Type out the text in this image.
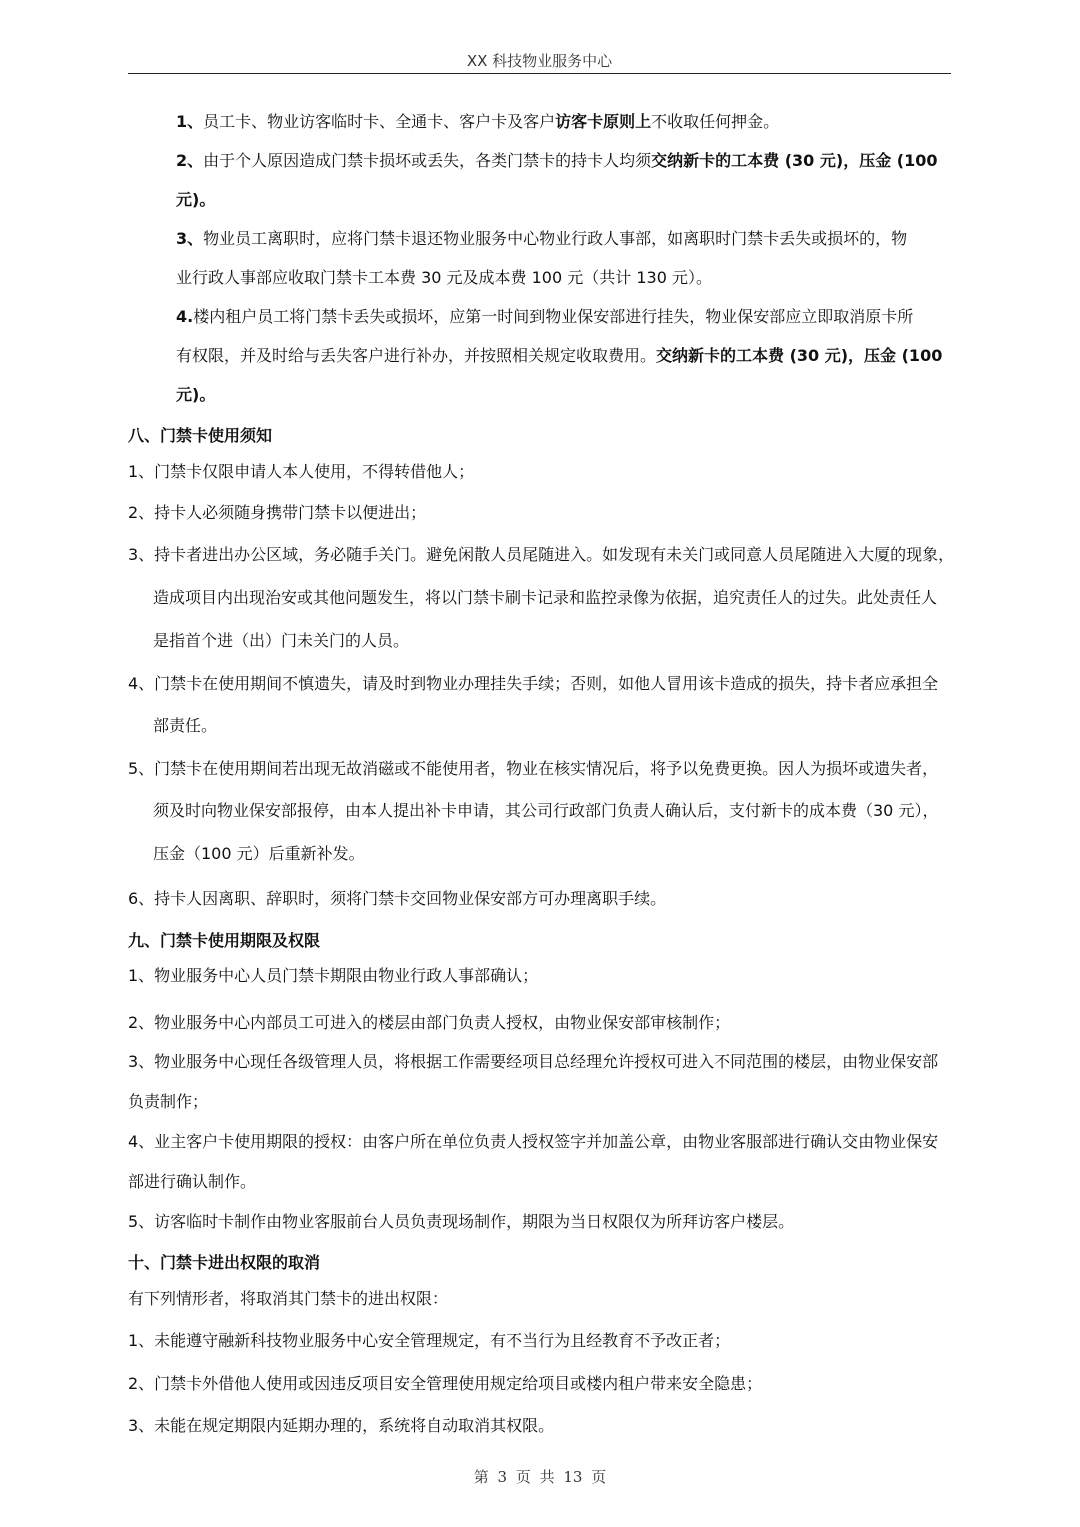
XX 科技物业服务中心
1、员工卡、物业访客临时卡、全通卡、客户卡及客户访客卡原则上不收取任何押金。
2、由于个人原因造成门禁卡损坏或丢失，各类门禁卡的持卡人均须交纳新卡的工本费 (30 元)，压金 (100
元)。
3、物业员工离职时，应将门禁卡退还物业服务中心物业行政人事部，如离职时门禁卡丢失或损坏的，物
业行政人事部应收取门禁卡工本费 30 元及成本费 100 元（共计 130 元）。
4.楼内租户员工将门禁卡丢失或损坏，应第一时间到物业保安部进行挂失，物业保安部应立即取消原卡所
有权限，并及时给与丢失客户进行补办，并按照相关规定收取费用。交纳新卡的工本费 (30 元)，压金 (100
元)。
八、门禁卡使用须知
1、门禁卡仅限申请人本人使用，不得转借他人；
2、持卡人必须随身携带门禁卡以便进出；
3、持卡者进出办公区域，务必随手关门。避免闲散人员尾随进入。如发现有未关门或同意人员尾随进入大厦的现象，
造成项目内出现治安或其他问题发生，将以门禁卡刷卡记录和监控录像为依据，追究责任人的过失。此处责任人
是指首个进（出）门未关门的人员。
4、门禁卡在使用期间不慎遗失，请及时到物业办理挂失手续；否则，如他人冒用该卡造成的损失，持卡者应承担全
部责任。
5、门禁卡在使用期间若出现无故消磁或不能使用者，物业在核实情况后，将予以免费更换。因人为损坏或遗失者，
须及时向物业保安部报停，由本人提出补卡申请，其公司行政部门负责人确认后，支付新卡的成本费（30 元），
压金（100 元）后重新补发。
6、持卡人因离职、辞职时，须将门禁卡交回物业保安部方可办理离职手续。
九、门禁卡使用期限及权限
1、物业服务中心人员门禁卡期限由物业行政人事部确认；
2、物业服务中心内部员工可进入的楼层由部门负责人授权，由物业保安部审核制作；
3、物业服务中心现任各级管理人员，将根据工作需要经项目总经理允许授权可进入不同范围的楼层，由物业保安部
负责制作；
4、业主客户卡使用期限的授权：由客户所在单位负责人授权签字并加盖公章，由物业客服部进行确认交由物业保安
部进行确认制作。
5、访客临时卡制作由物业客服前台人员负责现场制作，期限为当日权限仅为所拜访客户楼层。
十、门禁卡进出权限的取消
有下列情形者，将取消其门禁卡的进出权限：
1、未能遵守融新科技物业服务中心安全管理规定，有不当行为且经教育不予改正者；
2、门禁卡外借他人使用或因违反项目安全管理使用规定给项目或楼内租户带来安全隐患；
3、未能在规定期限内延期办理的，系统将自动取消其权限。
第 3 页 共 13 页
